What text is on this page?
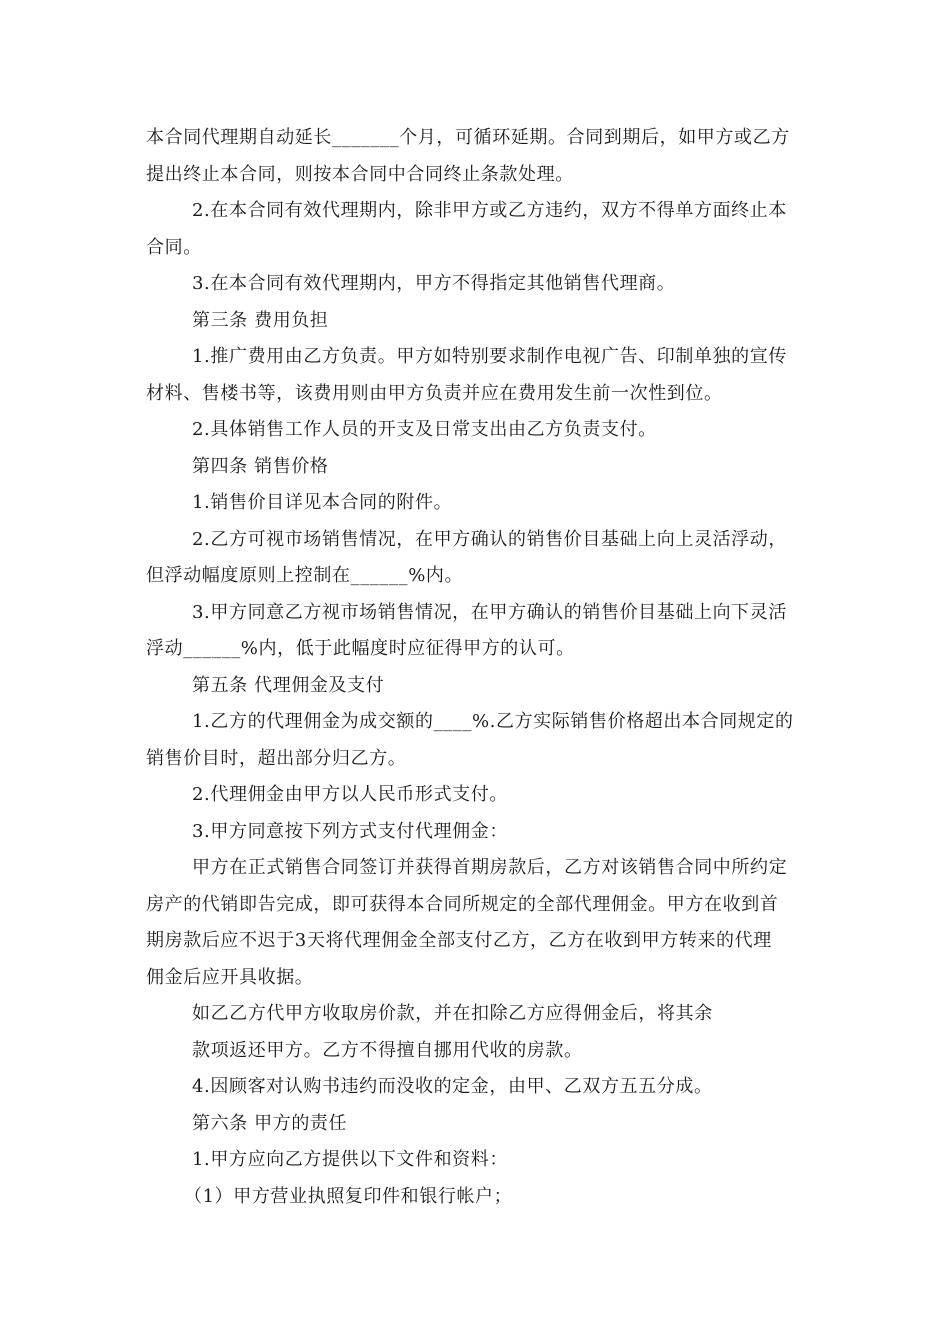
本合同代理期自动延长_______个月，可循环延期。合同到期后，如甲方或乙方
提出终止本合同，则按本合同中合同终止条款处理。
2.在本合同有效代理期内，除非甲方或乙方违约，双方不得单方面终止本
合同。
3.在本合同有效代理期内，甲方不得指定其他销售代理商。
第三条 费用负担
1.推广费用由乙方负责。甲方如特别要求制作电视广告、印制单独的宣传
材料、售楼书等，该费用则由甲方负责并应在费用发生前一次性到位。
2.具体销售工作人员的开支及日常支出由乙方负责支付。
第四条 销售价格
1.销售价目详见本合同的附件。
2.乙方可视市场销售情况，在甲方确认的销售价目基础上向上灵活浮动，
但浮动幅度原则上控制在______%内。
3.甲方同意乙方视市场销售情况，在甲方确认的销售价目基础上向下灵活
浮动______%内，低于此幅度时应征得甲方的认可。
第五条 代理佣金及支付
1.乙方的代理佣金为成交额的____%.乙方实际销售价格超出本合同规定的
销售价目时，超出部分归乙方。
2.代理佣金由甲方以人民币形式支付。
3.甲方同意按下列方式支付代理佣金：
甲方在正式销售合同签订并获得首期房款后，乙方对该销售合同中所约定
房产的代销即告完成，即可获得本合同所规定的全部代理佣金。甲方在收到首
期房款后应不迟于3天将代理佣金全部支付乙方，乙方在收到甲方转来的代理
佣金后应开具收据。
如乙乙方代甲方收取房价款，并在扣除乙方应得佣金后，将其余
款项返还甲方。乙方不得擅自挪用代收的房款。
4.因顾客对认购书违约而没收的定金，由甲、乙双方五五分成。
第六条 甲方的责任
1.甲方应向乙方提供以下文件和资料：
（1）甲方营业执照复印件和银行帐户；
